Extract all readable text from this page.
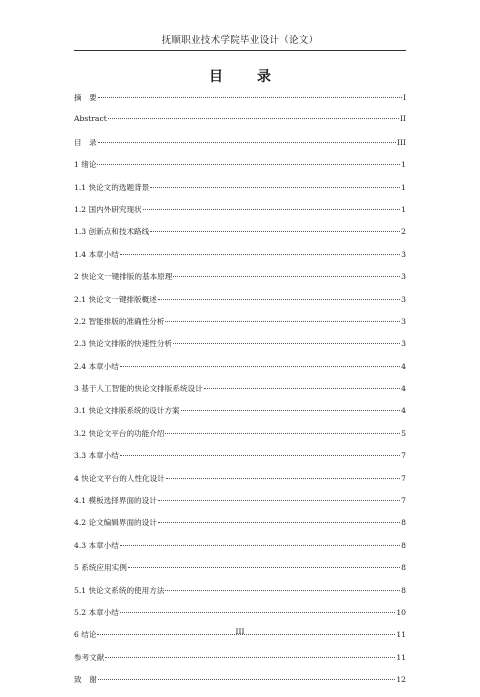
抚顺职业技术学院毕业设计（论文）
目　录
摘　要	I
Abstract	II
目　录	III
1 绪论	1
1.1 快论文的选题背景	1
1.2 国内外研究现状	1
1.3 创新点和技术路线	2
1.4 本章小结	3
2 快论文一键排版的基本原理	3
2.1 快论文一键排版概述	3
2.2 智能排版的准确性分析	3
2.3 快论文排版的快速性分析	3
2.4 本章小结	4
3 基于人工智能的快论文排版系统设计	4
3.1 快论文排版系统的设计方案	4
3.2 快论文平台的功能介绍	5
3.3 本章小结	7
4 快论文平台的人性化设计	7
4.1 模板选择界面的设计	7
4.2 论文编辑界面的设计	8
4.3 本章小结	8
5 系统应用实例	8
5.1 快论文系统的使用方法	8
5.2 本章小结	10
6 结论	11
参考文献	11
致　谢	12
III
